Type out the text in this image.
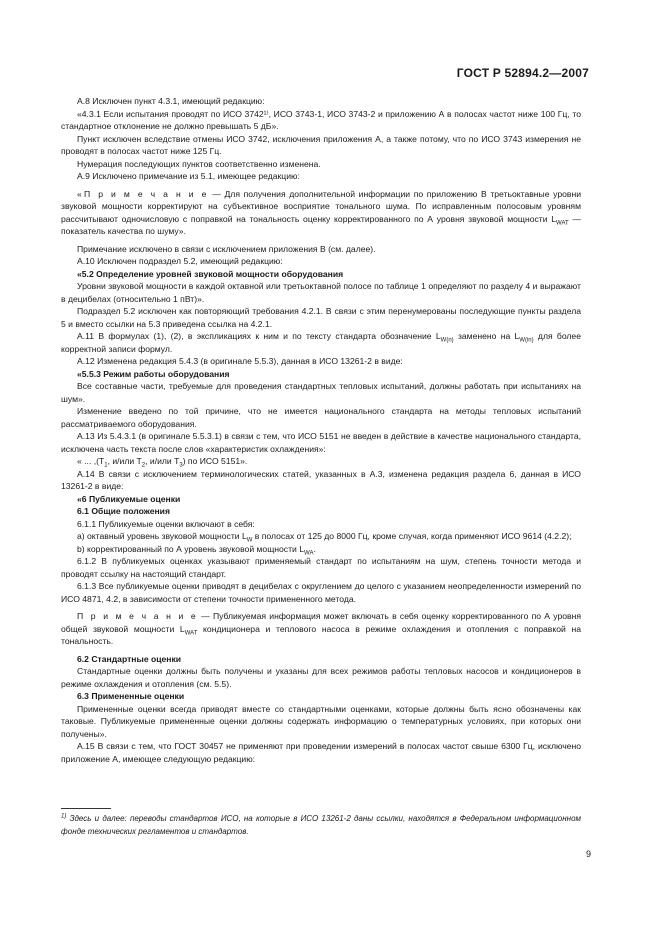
ГОСТ Р 52894.2—2007

А.8 Исключен пункт 4.3.1, имеющий редакцию:

«4.3.1 Если испытания проводят по ИСО 3742¹⁾, ИСО 3743-1, ИСО 3743-2 и приложению А в полосах частот ниже 100 Гц, то стандартное отклонение не должно превышать 5 дБ».

Пункт исключен вследствие отмены ИСО 3742, исключения приложения А, а также потому, что по ИСО 3743 измерения не проводят в полосах частот ниже 125 Гц.

Нумерация последующих пунктов соответственно изменена.

А.9 Исключено примечание из 5.1, имеющее редакцию:

«П р и м е ч а н и е — Для получения дополнительной информации по приложению В третьоктавные уровни звуковой мощности корректируют на субъективное восприятие тонального шума. По исправленным полосовым уровням рассчитывают одночисловую с поправкой на тональность оценку корректированного по А уровня звуковой мощности $L_{WAT}$ — показатель качества по шуму».

Примечание исключено в связи с исключением приложения В (см. далее).

А.10 Исключен подраздел 5.2, имеющий редакцию:

«5.2 Определение уровней звуковой мощности оборудования

Уровни звуковой мощности в каждой октавной или третьоктавной полосе по таблице 1 определяют по разделу 4 и выражают в децибелах (относительно 1 пВт)».

Подраздел 5.2 исключен как повторяющий требования 4.2.1. В связи с этим перенумерованы последующие пункты раздела 5 и вместо ссылки на 5.3 приведена ссылка на 4.2.1.

А.11 В формулах (1), (2), в экспликациях к ним и по тексту стандарта обозначение $L_{W(n)}$ заменено на $L_{W(in)}$ для более корректной записи формул.

А.12 Изменена редакция 5.4.3 (в оригинале 5.5.3), данная в ИСО 13261-2 в виде:

«5.5.3 Режим работы оборудования

Все составные части, требуемые для проведения стандартных тепловых испытаний, должны работать при испытаниях на шум».

Изменение введено по той причине, что не имеется национального стандарта на методы тепловых испытаний рассматриваемого оборудования.

А.13 Из 5.4.3.1 (в оригинале 5.5.3.1) в связи с тем, что ИСО 5151 не введен в действие в качестве национального стандарта, исключена часть текста после слов «характеристик охлаждения»:

« ... $,(T_1$, и/или $T_2$, и/или $T_3$) по ИСО 5151».

А.14 В связи с исключением терминологических статей, указанных в А.3, изменена редакция раздела 6, данная в ИСО 13261-2 в виде:

«6 Публикуемые оценки

6.1 Общие положения

6.1.1 Публикуемые оценки включают в себя:

a) октавный уровень звуковой мощности $L_W$ в полосах от 125 до 8000 Гц, кроме случая, когда применяют ИСО 9614 (4.2.2);

b) корректированный по А уровень звуковой мощности $L_{WA}$.

6.1.2 В публикуемых оценках указывают применяемый стандарт по испытаниям на шум, степень точности метода и проводят ссылку на настоящий стандарт.

6.1.3 Все публикуемые оценки приводят в децибелах с округлением до целого с указанием неопределенности измерений по ИСО 4871, 4.2, в зависимости от степени точности примененного метода.

П р и м е ч а н и е — Публикуемая информация может включать в себя оценку корректированного по А уровня общей звуковой мощности $L_{WAT}$ кондиционера и теплового насоса в режиме охлаждения и отопления с поправкой на тональность.

6.2 Стандартные оценки

Стандартные оценки должны быть получены и указаны для всех режимов работы тепловых насосов и кондиционеров в режиме охлаждения и отопления (см. 5.5).

6.3 Примененные оценки

Примененные оценки всегда приводят вместе со стандартными оценками, которые должны быть ясно обозначены как таковые. Публикуемые примененные оценки должны содержать информацию о температурных условиях, при которых они получены».

А.15 В связи с тем, что ГОСТ 30457 не применяют при проведении измерений в полосах частот свыше 6300 Гц, исключено приложение А, имеющее следующую редакцию:

$^{1)}$ Здесь и далее: переводы стандартов ИСО, на которые в ИСО 13261-2 даны ссылки, находятся в Федеральном информационном фонде технических регламентов и стандартов.
9
